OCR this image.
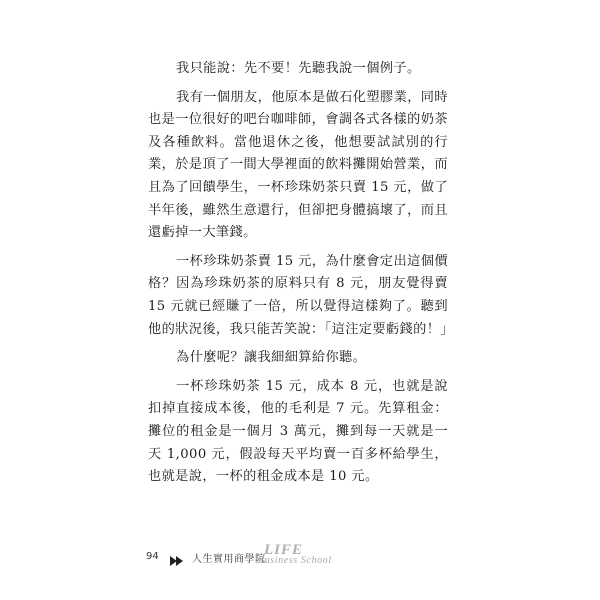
我只能說：先不要！先聽我說一個例子。

我有一個朋友，他原本是做石化塑膠業，同時也是一位很好的吧台咖啡師，會調各式各樣的奶茶及各種飲料。當他退休之後，他想要試試別的行業，於是頂了一間大學裡面的飲料攤開始營業，而且為了回饋學生，一杯珍珠奶茶只賣 15 元，做了半年後，雖然生意還行，但卻把身體搞壞了，而且還虧掉一大筆錢。

一杯珍珠奶茶賣 15 元，為什麼會定出這個價格？因為珍珠奶茶的原料只有 8 元，朋友覺得賣 15 元就已經賺了一倍，所以覺得這樣夠了。聽到他的狀況後，我只能苦笑說：「這注定要虧錢的！」

為什麼呢？讓我細細算給你聽。

一杯珍珠奶茶 15 元，成本 8 元，也就是說扣掉直接成本後，他的毛利是 7 元。先算租金：攤位的租金是一個月 3 萬元，攤到每一天就是一天 1,000 元，假設每天平均賣一百多杯給學生，也就是說，一杯的租金成本是 10 元。

94	人生實用商學院
LIFE
Business School
